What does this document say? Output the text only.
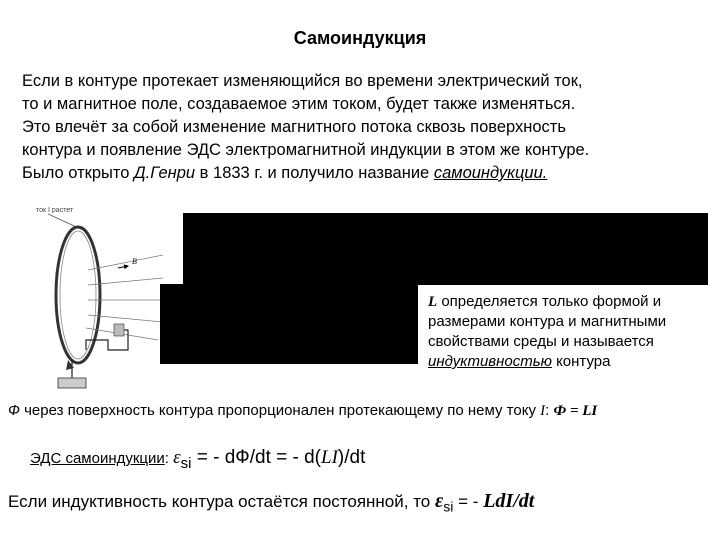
Самоиндукция
Если в контуре протекает изменяющийся во времени электрический ток,
то и магнитное поле, создаваемое этим током, будет также изменяться.
Это влечёт за собой изменение магнитного потока сквозь поверхность
контура и появление ЭДС электромагнитной индукции в этом же контуре.
Было открыто Д.Генри в 1833 г. и получило название самоиндукции.
ток I растет
B
L определяется только формой и размерами контура и магнитными свойствами среды и называется индуктивностью контура
Ф через поверхность контура пропорционален протекающему по нему току I: Ф = LI
ЭДС самоиндукции: $\varepsilon_{si}$ = - dФ/dt = - d(LI)/dt
Если индуктивность контура остаётся постоянной, то $\varepsilon_{si}$ = - LdI/dt
